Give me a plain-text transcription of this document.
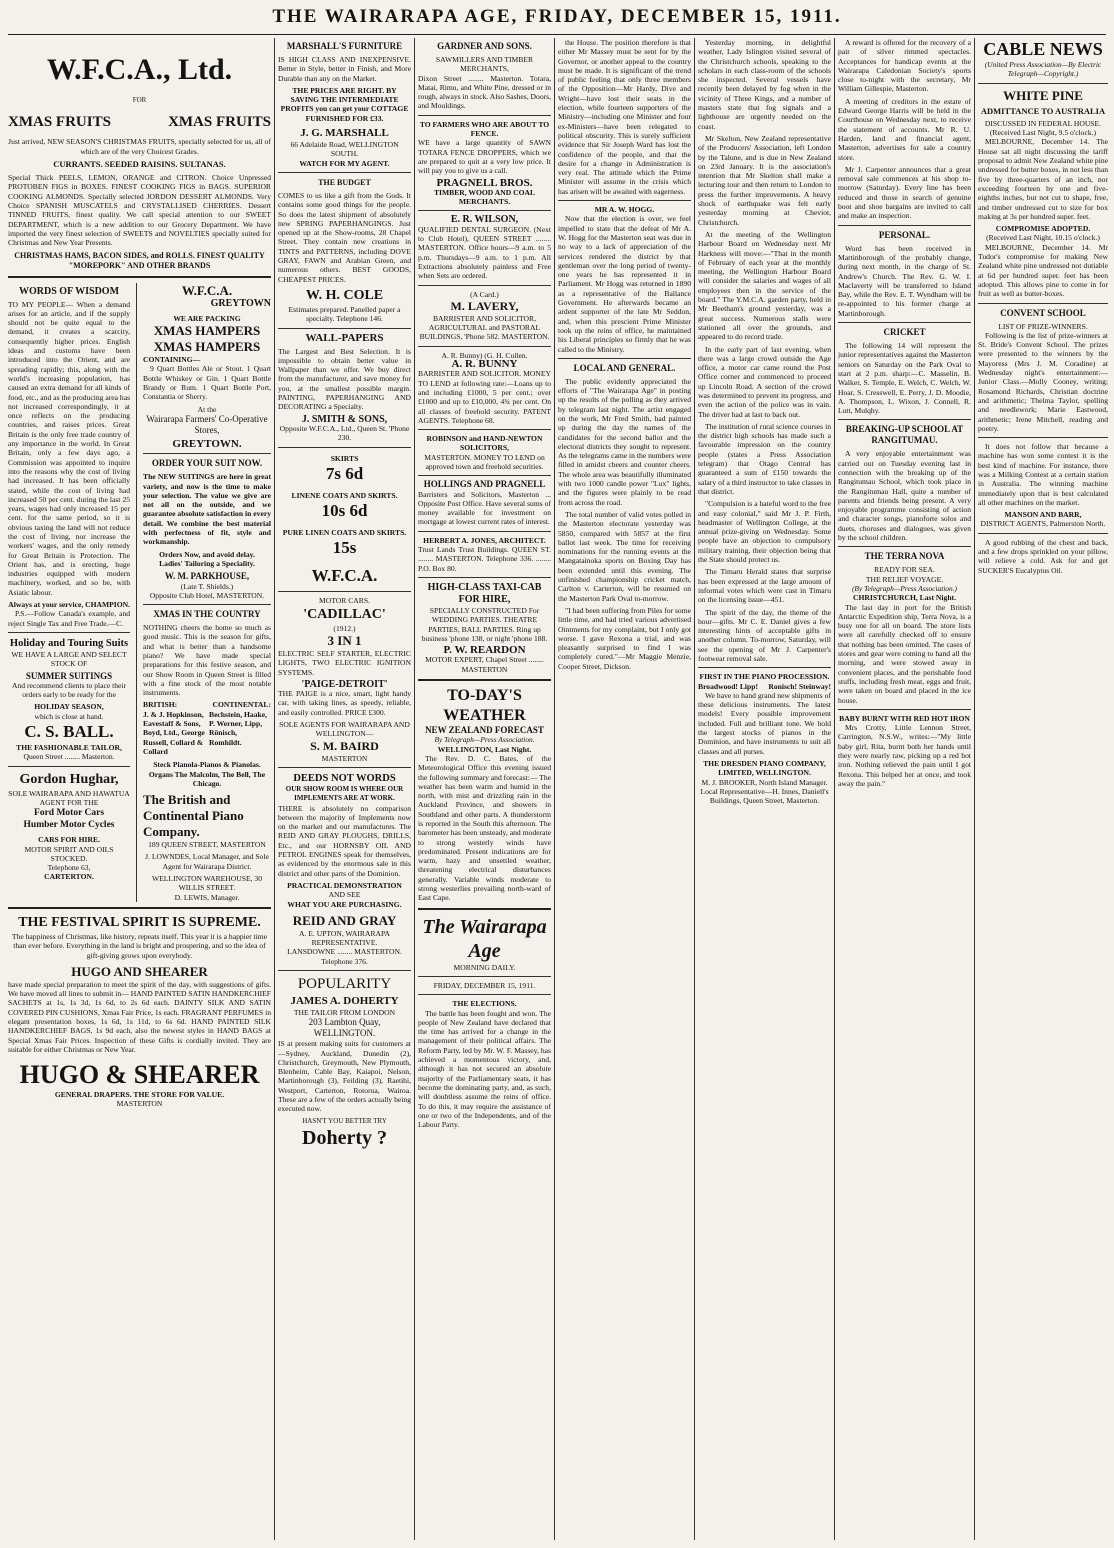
THE WAIRARAPA AGE, FRIDAY, DECEMBER 15, 1911.
W.F.C.A., Ltd.
FOR
XMAS FRUITS	XMAS FRUITS

Just arrived, NEW SEASON'S CHRISTMAS FRUITS, specially selected for us, all of which are of the very Choicest Grades.

CURRANTS. SEEDED RAISINS. SULTANAS.

Special Thick PEELS, LEMON, ORANGE and CITRON. Choice Unpressed PROTOBEN FIGS in BOXES. FINEST COOKING FIGS in BAGS. SUPERIOR COOKING ALMONDS. Specially selected JORDON DESSERT ALMONDS. Very Choice SPANISH MUSCATELS and CRYSTALLISED CHERRIES. Dessert TINNED FRUITS, finest quality. We call special attention to our SWEET DEPARTMENT, which is a new addition to our Grocery Department. We have imported the very finest selection of SWEETS and NOVELTIES specially suited for Christmas and New Year Presents.

CHRISTMAS HAMS, BACON SIDES, and ROLLS. FINEST QUALITY "MOREPORK" AND OTHER BRANDS
WORDS OF WISDOM

TO MY PEOPLE— When a demand arises for an article, and if the supply should not be quite equal to the demand, it creates a scarcity, consequently higher prices. English ideas and customs have been introduced into the Orient, and are spreading rapidly; this, along with the world's increasing population, has caused an extra demand for all kinds of food, etc., and as the producing area has not increased correspondingly, it at once reflects on the producing countries, and raises prices. Great Britain is the only free trade country of any importance in the world. In Great Britain, only a few days ago, a Commission was appointed to inquire into the reasons why the cost of living had increased. It has been officially stated, while the cost of living had increased 50 per cent. during the last 25 years, wages had only increased 15 per cent. for the same period, so it is obvious taxing the land will not reduce the cost of living, nor increase the workers' wages, and the only remedy for Great Britain is Protection. The Orient has, and is erecting, huge industries equipped with modern machinery, worked, and so be, with Asiatic labour.

Always at your service, CHAMPION.

P.S.—Follow Canada's example, and reject Single Tax and Free Trade.—C.

Holiday and Touring Suits

WE HAVE A LARGE AND SELECT STOCK OF

SUMMER SUITINGS

And recommend clients to place their orders early to be ready for the

HOLIDAY SEASON,
which is close at hand.
C. S. BALL.
THE FASHIONABLE TAILOR,
Queen Street ........ Masterton.
Gordon Hughar,
SOLE WAIRARAPA AND HAWATUA AGENT FOR THE
Ford Motor Cars
Humber Motor Cycles
CARS FOR HIRE.
MOTOR SPIRIT AND OILS STOCKED.
Telephone 63,
CARTERTON.
W.F.C.A.
GREYTOWN
WE ARE PACKING
XMAS HAMPERS
XMAS HAMPERS
CONTAINING—

9 Quart Bottles Ale or Stout. 1 Quart Bottle Whiskey or Gin. 1 Quart Bottle Brandy or Rum. 1 Quart Bottle Port, Constantia or Sherry.

At the
Wairarapa Farmers' Co-Operative Stores,
GREYTOWN.
ORDER YOUR SUIT NOW.

The NEW SUITINGS are here in great variety, and now is the time to make your selection. The value we give are not all on the outside, and we guarantee absolute satisfaction in every detail. We combine the best material with perfectness of fit, style and workmanship.

Orders Now, and avoid delay.
Ladies' Tailoring a Speciality.
W. M. PARKHOUSE,
(Late T. Shields.)
Opposite Club Hotel, MASTERTON.
XMAS IN THE COUNTRY

NOTHING cheers the home so much as good music. This is the season for gifts, and what is better than a handsome piano? We have made special preparations for this festive season, and our Show Room in Queen Street is filled with a fine stock of the most notable instruments.

BRITISH:	CONTINENTAL:
J. & J. Hopkinson, Eavestaff & Sons, Boyd, Ltd., George Russell, Collard & Collard
Bechstein, Haake, P. Werner, Lipp, Rönisch, Romhildt.
Steck Pianola-Pianos & Pianolas.
Organs The Malcolm, The Bell, The Chicago.
The British and Continental Piano Company.
189 QUEEN STREET, MASTERTON
J. LOWNDES, Local Manager, and Sole Agent for Wairarapa District.
WELLINGTON WAREHOUSE, 30 WILLIS STREET.
D. LEWIS, Manager.
THE FESTIVAL SPIRIT IS SUPREME.

The happiness of Christmas, like history, repeats itself. This year it is a happier time than ever before. Everything in the land is bright and prospering, and so the idea of gift-giving grows upon everybody.

HUGO AND SHEARER

have made special preparation to meet the spirit of the day, with suggestions of gifts. We have moved all lines to submit in— HAND PAINTED SATIN HANDKERCHIEF SACHETS at 1s, 1s 3d, 1s 6d, to 2s 6d each. DAINTY SILK AND SATIN COVERED PIN CUSHIONS, Xmas Fair Price, 1s each. FRAGRANT PERFUMES in elegant presentation boxes, 1s 6d, 1s 11d, to 6s 6d. HAND PAINTED SILK HANDKERCHIEF BAGS, 1s 9d each, also the newest styles in HAND BAGS at Special Xmas Fair Prices. Inspection of these Gifts is cordially invited. They are suitable for either Christmas or New Year.

HUGO & SHEARER
GENERAL DRAPERS. THE STORE FOR VALUE.
MASTERTON
MARSHALL'S FURNITURE

IS HIGH CLASS AND INEXPENSIVE. Better in Style, better in Finish, and More Durable than any on the Market.

THE PRICES ARE RIGHT. BY SAVING THE INTERMEDIATE PROFITS you can get your COTTAGE FURNISHED FOR £33.

J. G. MARSHALL
66 Adelaide Road, WELLINGTON SOUTH.
WATCH FOR MY AGENT.
THE BUDGET

COMES to us like a gift from the Gods. It contains some good things for the people. So does the latest shipment of absolutely new SPRING PAPERHANGINGS. Just opened up at the Show-rooms, 28 Chapel Street. They contain new creations in TINTS and PATTERNS, including DOVE GRAY, FAWN and Arabian Green, and numerous others. BEST GOODS, CHEAPEST PRICES.

W. H. COLE

Estimates prepared. Panelled paper a specialty. Telephone 146.

WALL-PAPERS

The Largest and Best Selection. It is impossible to obtain better value in Wallpaper than we offer. We buy direct from the manufacturer, and save money for you, at the smallest possible margin. PAINTING, PAPERHANGING AND DECORATING a Specialty.

J. SMITH & SONS,
Opposite W.F.C.A., Ltd., Queen St. 'Phone 230.
SKIRTS
7s 6d
LINENE COATS AND SKIRTS.
10s 6d
PURE LINEN COATS AND SKIRTS.
15s
W.F.C.A.
MOTOR CARS.
'CADILLAC'
(1912.)
3 IN 1

ELECTRIC SELF STARTER, ELECTRIC LIGHTS, TWO ELECTRIC IGNITION SYSTEMS.

'PAIGE-DETROIT'

THE PAIGE is a nice, smart, light handy car, with taking lines, as speedy, reliable, and easily controlled. PRICE £300.

SOLE AGENTS FOR WAIRARAPA AND WELLINGTON—
S. M. BAIRD
MASTERTON
DEEDS NOT WORDS
OUR SHOW ROOM IS WHERE OUR IMPLEMENTS ARE AT WORK.

THERE is absolutely no comparison between the majority of Implements now on the market and our manufactures. The REID AND GRAY PLOUGHS, DRILLS, Etc., and our HORNSBY OIL AND PETROL ENGINES speak for themselves, as evidenced by the enormous sale in this district and other parts of the Dominion.

PRACTICAL DEMONSTRATION
AND SEE
WHAT YOU ARE PURCHASING.
REID AND GRAY
A. E. UPTON, WAIRARAPA REPRESENTATIVE.
LANSDOWNE ........ MASTERTON.
Telephone 376.
POPULARITY
JAMES A. DOHERTY
THE TAILOR FROM LONDON
203 Lambton Quay, WELLINGTON.

IS at present making suits for customers at—Sydney, Auckland, Dunedin (2), Christchurch, Greymouth, New Plymouth, Blenheim, Cable Bay, Kaiapoi, Nelson, Martinborough (3), Feilding (3), Raetihi, Westport, Carterton, Rotorua, Wairoa. These are a few of the orders actually being executed now.

HASN'T YOU BETTER TRY
Doherty ?
GARDNER AND SONS.
SAWMILLERS AND TIMBER MERCHANTS,

Dixon Street ........ Masterton. Totara, Matai, Rimu, and White Pine, dressed or in rough, always in stock. Also Sashes, Doors, and Mouldings.

TO FARMERS WHO ARE ABOUT TO FENCE.

WE have a large quantity of SAWN TOTARA FENCE DROPPERS, which we are prepared to quit at a very low price. It will pay you to give us a call.

PRAGNELL BROS.
TIMBER, WOOD AND COAL MERCHANTS.
E. R. WILSON,

QUALIFIED DENTAL SURGEON. (Next to Club Hotel), QUEEN STREET ........ MASTERTON. Office hours—9 a.m. to 5 p.m. Thursdays—9 a.m. to 1 p.m. All Extractions absolutely painless and Free when Sets are ordered.

(A Card.)
M. LAVERY,

BARRISTER AND SOLICITOR, AGRICULTURAL and PASTORAL BUILDINGS, 'Phone 582. MASTERTON.

A. R. Bunny) (G. H. Cullen.
A. R. BUNNY

BARRISTER AND SOLICITOR. MONEY TO LEND at following rate:—Loans up to and including £1000, 5 per cent.; over £1000 and up to £10,000, 4¾ per cent. On all classes of freehold security. PATENT AGENTS. Telephone 68.

ROBINSON and HAND-NEWTON SOLICITORS,

MASTERTON. MONEY TO LEND on approved town and freehold securities.

HOLLINGS AND PRAGNELL

Barristers and Solicitors, Masterton ... Opposite Post Office. Have several sums of money available for investment on mortgage at lowest current rates of interest.

HERBERT A. JONES, ARCHITECT.

Trust Lands Trust Buildings. QUEEN ST. ........ MASTERTON. Telephone 336. ........ P.O. Box 80.

HIGH-CLASS TAXI-CAB FOR HIRE,

SPECIALLY CONSTRUCTED For WEDDING PARTIES. THEATRE PARTIES, BALL PARTIES. Ring up business 'phone 138, or night 'phone 188.

P. W. REARDON
MOTOR EXPERT, Chapel Street ........ MASTERTON
TO-DAY'S WEATHER
NEW ZEALAND FORECAST
By Telegraph—Press Association.
WELLINGTON, Last Night.

The Rev. D. C. Bates, of the Meteorological Office this evening issued the following summary and forecast:— The weather has been warm and humid in the north, with mist and drizzling rain in the Auckland Province, and showers in Southland and other parts. A thunderstorm is reported in the South this afternoon. The barometer has been unsteady, and moderate to strong westerly winds have predominated. Present indications are for warm, hazy and unsettled weather, threatening electrical disturbances generally. Variable winds moderate to strong westerlies prevailing north-ward of East Cape.

The Wairarapa Age
MORNING DAILY.
FRIDAY, DECEMBER 15, 1911.
THE ELECTIONS.

The battle has been fought and won. The people of New Zealand have declared that the time has arrived for a change in the management of their political affairs. The Reform Party, led by Mr. W. F. Massey, has achieved a momentous victory, and, although it has not secured an absolute majority of the Parliamentary seats, it has become the dominating party, and, as such, will doubtless assume the reins of office. To do this, it may require the assistance of one or two of the Independents, and of the Labour Party.

the House. The position therefore is that either Mr Massey must be sent for by the Governor, or another appeal to the country must be made. It is significant of the trend of public feeling that only three members of the Opposition—Mr Hardy, Dive and Wright—have lost their seats in the election, while fourteen supporters of the Ministry—including one Minister and four ex-Ministers—have been relegated to political obscurity. This is surely sufficient evidence that Sir Joseph Ward has lost the confidence of the people, and that the desire for a change in Administration is very real. The attitude which the Prime Minister will assume in the crisis which has arisen will be awaited with eagerness.

MR A. W. HOGG.

Now that the election is over, we feel impelled to state that the defeat of Mr A. W. Hogg for the Masterton seat was due in no way to a lack of appreciation of the services rendered the district by that gentleman over the long period of twenty-one years he has represented it in Parliament. Mr Hogg was returned in 1890 as a representative of the Ballance Government. He afterwards became an ardent supporter of the late Mr Seddon, and, when this prescient Prime Minister took up the reins of office, he maintained his Liberal principles so firmly that he was called to the Ministry.

LOCAL AND GENERAL.

The public evidently appreciated the efforts of "The Wairarapa Age" in posting up the results of the polling as they arrived by telegram last night. The artist engaged on the work, Mr Fred Smith, had painted up during the day the names of the candidates for the second ballot and the electoral districts they sought to represent. As the telegrams came in the numbers were filled in amidst cheers and counter cheers. The whole area was beautifully illuminated with two 1000 candle power "Lux" lights, and the figures were plainly to be read from across the road.

The total number of valid votes polled in the Masterton electorate yesterday was 5850, compared with 5857 at the first ballot last week. The time for receiving nominations for the running events at the Mangatainoka sports on Boxing Day has been extended until this evening. The unfinished championship cricket match, Carlton v. Carterton, will be resumed on the Masterton Park Oval to-morrow.

"I had been suffering from Piles for some little time, and had tried various advertised Ointments for my complaint, but I only got worse. I gave Rexona a trial, and was pleasantly surprised to find I was completely cured."—Mr Maggie Menzie, Cooper Street, Dickson.

Yesterday morning, in delightful weather, Lady Islington visited several of the Christchurch schools, speaking to the scholars in each class-room of the schools she inspected. Several vessels have recently been delayed by fog when in the vicinity of Three Kings, and a number of masters state that fog signals and a lighthouse are urgently needed on the coast.

Mr Skelton, New Zealand representative of the Producers' Association, left London by the Talune, and is due in New Zealand on 23rd January. It is the association's intention that Mr Skelton shall make a lecturing tour and then return to London to press the further improvements. A heavy shock of earthquake was felt early yesterday morning at Cheviot, Christchurch.

At the meeting of the Wellington Harbour Board on Wednesday next Mr Harkness will move:—"That in the month of February of each year at the monthly meeting, the Wellington Harbour Board will consider the salaries and wages of all employees then in the service of the board." The Y.M.C.A. garden party, held in Mr Beetham's ground yesterday, was a great success. Numerous stalls were stationed all over the grounds, and appeared to do record trade.

In the early part of last evening, when there was a large crowd outside the Age office, a motor car came round the Post Office corner and commenced to proceed up Lincoln Road. A section of the crowd was determined to prevent its progress, and even the action of the police was in vain. The driver had at last to back out.

The institution of rural science courses in the district high schools has made such a favourable impression on the country people (states a Press Association telegram) that Otago Central has guaranteed a sum of £150 towards the salary of a third instructor to take classes in that district.

"Compulsion is a hateful word to the free and easy colonial," said Mr J. P. Firth, headmaster of Wellington College, at the annual prize-giving on Wednesday. Some people have an objection to compulsory military training, their objection being that the State should protect us.

The Timaru Herald states that surprise has been expressed at the large amount of informal votes which were cast in Timaru on the licensing issue—451.

The spirit of the day, the theme of the hour—gifts. Mr C. E. Daniel gives a few interesting hints of acceptable gifts in another column. To-morrow, Saturday, will see the opening of Mr J. Carpenter's footwear removal sale.

FIRST IN THE PIANO PROCESSION.
Broadwood! Lipp! Ronisch! Steinway!

We have to hand grand new shipments of these delicious instruments. The latest models! Every possible improvement included. Full and brilliant tone. We hold the largest stocks of pianos in the Dominion, and have instruments to suit all classes and all purses.

THE DRESDEN PIANO COMPANY, LIMITED, WELLINGTON.

M. J. BROOKER, North Island Manager. Local Representative—H. Innes, Daniell's Buildings, Queen Street, Masterton.

A reward is offered for the recovery of a pair of silver rimmed spectacles. Acceptances for handicap events at the Wairarapa Caledonian Society's sports close to-night with the secretary, Mr William Gillespie, Masterton.

A meeting of creditors in the estate of Edward George Harris will be held in the Courthouse on Wednesday next, to receive the statement of accounts. Mr R. U. Harden, land and financial agent, Masterton, advertises for sale a country store.

Mr J. Carpenter announces that a great removal sale commences at his shop to-morrow (Saturday). Every line has been reduced and those in search of genuine boot and shoe bargains are invited to call and make an inspection.

PERSONAL.

Word has been received in Martinborough of the probably change, during next month, in the charge of St. Andrew's Church. The Rev. G. W. I. Maclaverty will be transferred to Island Bay, while the Rev. E. T. Wyndham will be re-appointed to his former charge at Martinborough.

CRICKET

The following 14 will represent the junior representatives against the Masterton seniors on Saturday on the Park Oval to start at 2 p.m. sharp:—C. Masselin, B. Walker, S. Temple, E. Welch, C. Welch, W. Hoar, S. Cresswell, E. Perry, J. D. Moodie, A. Thompson, L. Wixon, J. Connell, R. Lutt, Mulqhy.

BREAKING-UP SCHOOL AT RANGITUMAU.

A very enjoyable entertainment was carried out on Tuesday evening last in connection with the breaking up of the Rangitumau School, which took place in the Rangitumau Hall, quite a number of parents and friends being present. A very enjoyable programme consisting of action and character songs, pianoforte solos and duets, choruses and dialogues, was given by the school children.

THE TERRA NOVA
READY FOR SEA.
THE RELIEF VOYAGE.
(By Telegraph—Press Association.)
CHRISTCHURCH, Last Night.

The last day in port for the British Antarctic Expedition ship, Terra Nova, is a busy one for all on board. The store lists were all carefully checked off to ensure that nothing has been omitted. The cases of stores and gear were coming to hand all the morning, and were stowed away in convenient places, and the perishable food stuffs, including fresh meat, eggs and fruit, were taken on board and placed in the ice house.

BABY BURNT WITH RED HOT IRON

Mrs Crotty, Little Lennon Street, Carrington, N.S.W., writes:—"My little baby girl, Rita, burnt both her hands until they were nearly raw, picking up a red hot iron. Nothing relieved the pain until I got Rexona. This helped her at once, and took away the pain."

CABLE NEWS
(United Press Association—By Electric Telegraph—Copyright.)
WHITE PINE
ADMITTANCE TO AUSTRALIA
DISCUSSED IN FEDERAL HOUSE.
(Received Last Night, 9.5 o'clock.)

MELBOURNE, December 14. The House sat all night discussing the tariff proposal to admit New Zealand white pine undressed for butter boxes, in not less than five by three-quarters of an inch, nor exceeding fourteen by one and five-eighths inches, but not cut to shape, free, and timber undressed cut to size for box making at 3s per hundred super. feet.

COMPROMISE ADOPTED.
(Received Last Night, 10.15 o'clock.)

MELBOURNE, December 14. Mr Tudor's compromise for making New Zealand white pine undressed not dutiable at 6d per hundred super. feet has been adopted. This allows pine to come in for fruit as well as butter-boxes.

CONVENT SCHOOL
LIST OF PRIZE-WINNERS.

Following is the list of prize-winners at St. Bride's Convent School. The prizes were presented to the winners by the Mayoress (Mrs J. M. Coradine) at Wednesday night's entertainment:— Junior Class.—Molly Cooney, writing; Rosamond Richards, Christian doctrine and arithmetic; Thelma Taylor, spelling and needlework; Marie Eastwood, arithmetic; Irene Mitchell, reading and poetry.

It does not follow that because a machine has won some contest it is the best kind of machine. For instance, there was a Milking Contest at a certain station in Australia. The winning machine immediately upon that is best calculated all other machines on the market.

MANSON AND BARR,
DISTRICT AGENTS, Palmerston North.

A good rubbing of the chest and back, and a few drops sprinkled on your pillow, will relieve a cold. Ask for and get SUCKER'S Eucalyptus Oil.
